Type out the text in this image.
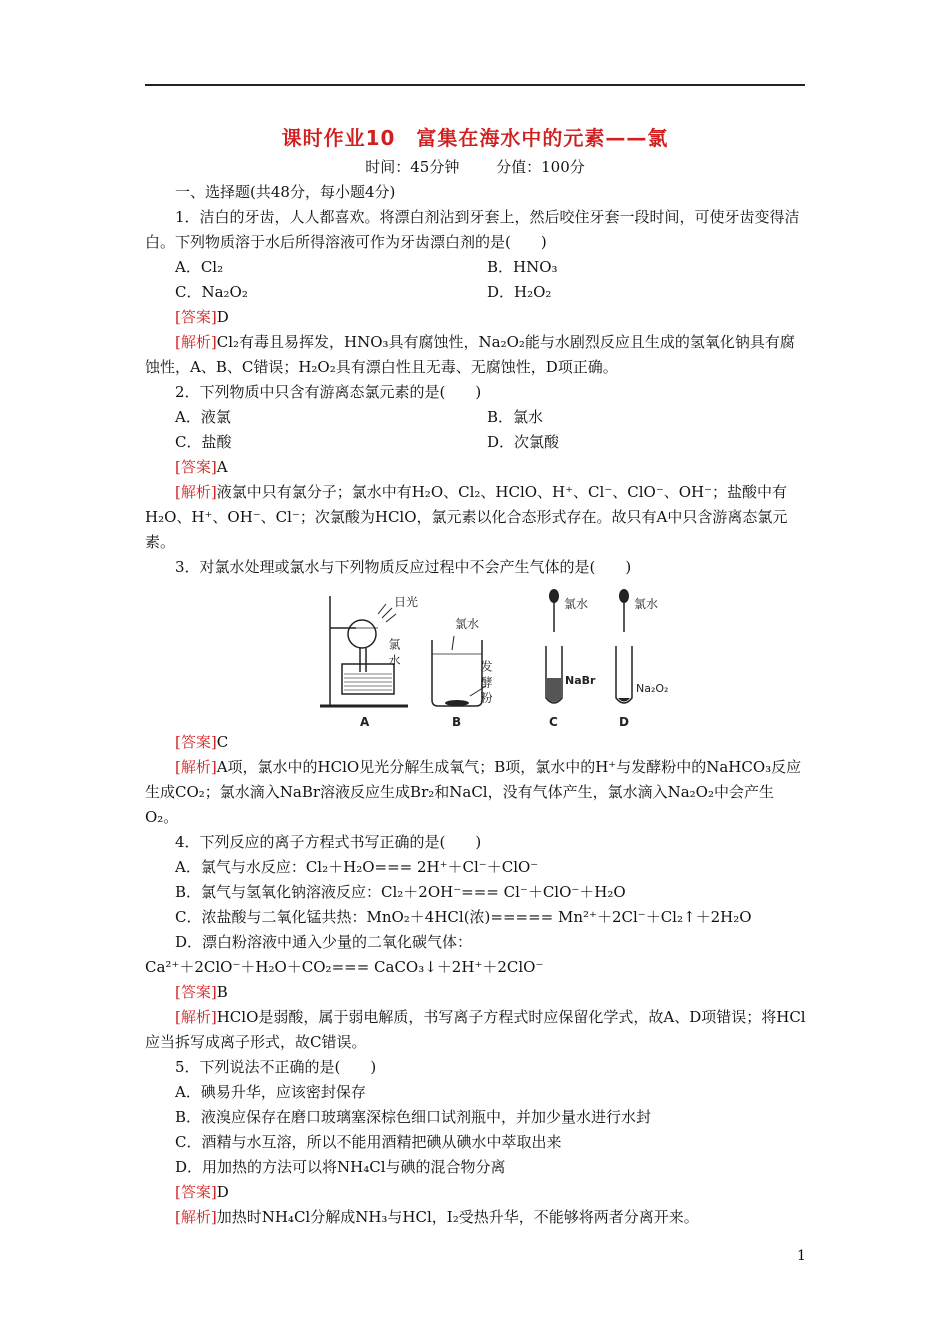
课时作业10　富集在海水中的元素——氯
时间：45分钟 分值：100分

一、选择题(共48分，每小题4分)

1．洁白的牙齿，人人都喜欢。将漂白剂沾到牙套上，然后咬住牙套一段时间，可使牙齿变得洁白。下列物质溶于水后所得溶液可作为牙齿漂白剂的是(　　)

A．Cl₂	B．HNO₃
C．Na₂O₂	D．H₂O₂

[答案]D

[解析]Cl₂有毒且易挥发，HNO₃具有腐蚀性，Na₂O₂能与水剧烈反应且生成的氢氧化钠具有腐蚀性，A、B、C错误；H₂O₂具有漂白性且无毒、无腐蚀性，D项正确。

2．下列物质中只含有游离态氯元素的是(　　)

A．液氯	B．氯水
C．盐酸	D．次氯酸

[答案]A

[解析]液氯中只有氯分子；氯水中有H₂O、Cl₂、HClO、H⁺、Cl⁻、ClO⁻、OH⁻；盐酸中有H₂O、H⁺、OH⁻、Cl⁻；次氯酸为HClO，氯元素以化合态形式存在。故只有A中只含游离态氯元素。

3．对氯水处理或氯水与下列物质反应过程中不会产生气体的是(　　)

日光
氯 水
A
氯水
发 酵 粉
B
氯水
NaBr
C
氯水
Na₂O₂
D

[答案]C

[解析]A项，氯水中的HClO见光分解生成氧气；B项，氯水中的H⁺与发酵粉中的NaHCO₃反应生成CO₂；氯水滴入NaBr溶液反应生成Br₂和NaCl，没有气体产生，氯水滴入Na₂O₂中会产生O₂。

4．下列反应的离子方程式书写正确的是(　　)

A．氯气与水反应：Cl₂＋H₂O=== 2H⁺＋Cl⁻＋ClO⁻

B．氯气与氢氧化钠溶液反应：Cl₂＋2OH⁻=== Cl⁻＋ClO⁻＋H₂O

C．浓盐酸与二氧化锰共热：MnO₂＋4HCl(浓)===== Mn²⁺＋2Cl⁻＋Cl₂↑＋2H₂O

D．漂白粉溶液中通入少量的二氧化碳气体：

Ca²⁺＋2ClO⁻＋H₂O＋CO₂=== CaCO₃↓＋2H⁺＋2ClO⁻

[答案]B

[解析]HClO是弱酸，属于弱电解质，书写离子方程式时应保留化学式，故A、D项错误；将HCl应当拆写成离子形式，故C错误。

5．下列说法不正确的是(　　)

A．碘易升华，应该密封保存

B．液溴应保存在磨口玻璃塞深棕色细口试剂瓶中，并加少量水进行水封

C．酒精与水互溶，所以不能用酒精把碘从碘水中萃取出来

D．用加热的方法可以将NH₄Cl与碘的混合物分离

[答案]D

[解析]加热时NH₄Cl分解成NH₃与HCl，I₂受热升华，不能够将两者分离开来。

1
